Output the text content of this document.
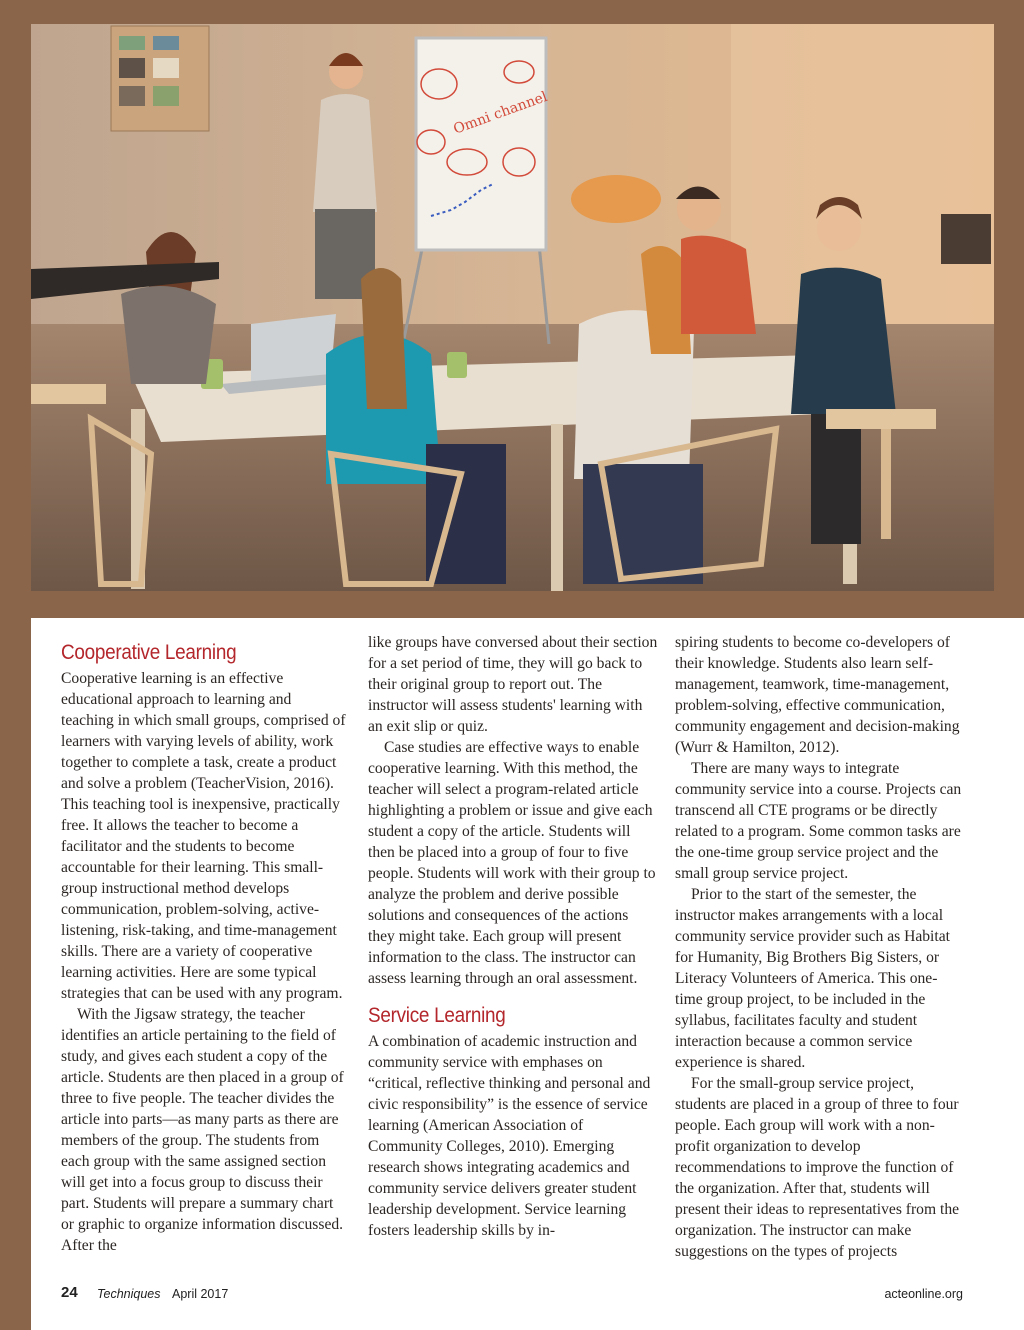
Omni channel
Cooperative Learning

Cooperative learning is an effective educational approach to learning and teaching in which small groups, comprised of learners with varying levels of ability, work together to complete a task, create a product and solve a problem (TeacherVision, 2016). This teaching tool is inexpensive, practically free. It allows the teacher to become a facilitator and the students to become accountable for their learning. This small-group instructional method develops communication, problem-solving, active-listening, risk-taking, and time-management skills. There are a variety of cooperative learning activities. Here are some typical strategies that can be used with any program.

With the Jigsaw strategy, the teacher identifies an article pertaining to the field of study, and gives each student a copy of the article. Students are then placed in a group of three to five people. The teacher divides the article into parts—as many parts as there are members of the group. The students from each group with the same assigned section will get into a focus group to discuss their part. Students will prepare a summary chart or graphic to organize information discussed. After the

like groups have conversed about their section for a set period of time, they will go back to their original group to report out. The instructor will assess students' learning with an exit slip or quiz.

Case studies are effective ways to enable cooperative learning. With this method, the teacher will select a program-related article highlighting a problem or issue and give each student a copy of the article. Students will then be placed into a group of four to five people. Students will work with their group to analyze the problem and derive possible solutions and consequences of the actions they might take. Each group will present information to the class. The instructor can assess learning through an oral assessment.

Service Learning

A combination of academic instruction and community service with emphases on “critical, reflective thinking and personal and civic responsibility” is the essence of service learning (American Association of Community Colleges, 2010). Emerging research shows integrating academics and community service delivers greater student leadership development. Service learning fosters leadership skills by in-

spiring students to become co-developers of their knowledge. Students also learn self-management, teamwork, time-management, problem-solving, effective communication, community engagement and decision-making (Wurr & Hamilton, 2012).

There are many ways to integrate community service into a course. Projects can transcend all CTE programs or be directly related to a program. Some common tasks are the one-time group service project and the small group service project.

Prior to the start of the semester, the instructor makes arrangements with a local community service provider such as Habitat for Humanity, Big Brothers Big Sisters, or Literacy Volunteers of America. This one-time group project, to be included in the syllabus, facilitates faculty and student interaction because a common service experience is shared.

For the small-group service project, students are placed in a group of three to four people. Each group will work with a non-profit organization to develop recommendations to improve the function of the organization. After that, students will present their ideas to representatives from the organization. The instructor can make suggestions on the types of projects

24 Techniques April 2017	acteonline.org
